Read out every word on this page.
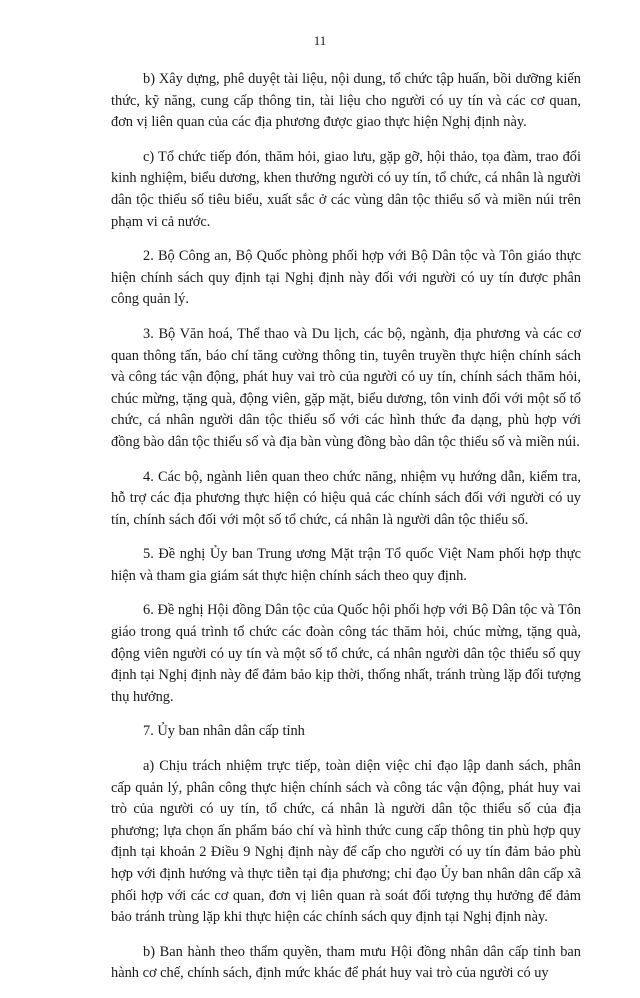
11

b) Xây dựng, phê duyệt tài liệu, nội dung, tổ chức tập huấn, bồi dưỡng kiến thức, kỹ năng, cung cấp thông tin, tài liệu cho người có uy tín và các cơ quan, đơn vị liên quan của các địa phương được giao thực hiện Nghị định này.

c) Tổ chức tiếp đón, thăm hỏi, giao lưu, gặp gỡ, hội thảo, tọa đàm, trao đổi kinh nghiệm, biểu dương, khen thưởng người có uy tín, tổ chức, cá nhân là người dân tộc thiểu số tiêu biểu, xuất sắc ở các vùng dân tộc thiểu số và miền núi trên phạm vi cả nước.

2. Bộ Công an, Bộ Quốc phòng phối hợp với Bộ Dân tộc và Tôn giáo thực hiện chính sách quy định tại Nghị định này đối với người có uy tín được phân công quản lý.

3. Bộ Văn hoá, Thể thao và Du lịch, các bộ, ngành, địa phương và các cơ quan thông tấn, báo chí tăng cường thông tin, tuyên truyền thực hiện chính sách và công tác vận động, phát huy vai trò của người có uy tín, chính sách thăm hỏi, chúc mừng, tặng quà, động viên, gặp mặt, biểu dương, tôn vinh đối với một số tổ chức, cá nhân người dân tộc thiểu số với các hình thức đa dạng, phù hợp với đồng bào dân tộc thiểu số và địa bàn vùng đồng bào dân tộc thiểu số và miền núi.

4. Các bộ, ngành liên quan theo chức năng, nhiệm vụ hướng dẫn, kiểm tra, hỗ trợ các địa phương thực hiện có hiệu quả các chính sách đối với người có uy tín, chính sách đối với một số tổ chức, cá nhân là người dân tộc thiểu số.

5. Đề nghị Ủy ban Trung ương Mặt trận Tổ quốc Việt Nam phối hợp thực hiện và tham gia giám sát thực hiện chính sách theo quy định.

6. Đề nghị Hội đồng Dân tộc của Quốc hội phối hợp với Bộ Dân tộc và Tôn giáo trong quá trình tổ chức các đoàn công tác thăm hỏi, chúc mừng, tặng quà, động viên người có uy tín và một số tổ chức, cá nhân người dân tộc thiểu số quy định tại Nghị định này để đảm bảo kịp thời, thống nhất, tránh trùng lặp đối tượng thụ hưởng.

7. Ủy ban nhân dân cấp tỉnh

a) Chịu trách nhiệm trực tiếp, toàn diện việc chỉ đạo lập danh sách, phân cấp quản lý, phân công thực hiện chính sách và công tác vận động, phát huy vai trò của người có uy tín, tổ chức, cá nhân là người dân tộc thiểu số của địa phương; lựa chọn ấn phẩm báo chí và hình thức cung cấp thông tin phù hợp quy định tại khoản 2 Điều 9 Nghị định này để cấp cho người có uy tín đảm bảo phù hợp với định hướng và thực tiễn tại địa phương; chỉ đạo Ủy ban nhân dân cấp xã phối hợp với các cơ quan, đơn vị liên quan rà soát đối tượng thụ hưởng để đảm bảo tránh trùng lặp khi thực hiện các chính sách quy định tại Nghị định này.

b) Ban hành theo thẩm quyền, tham mưu Hội đồng nhân dân cấp tỉnh ban hành cơ chế, chính sách, định mức khác để phát huy vai trò của người có uy
